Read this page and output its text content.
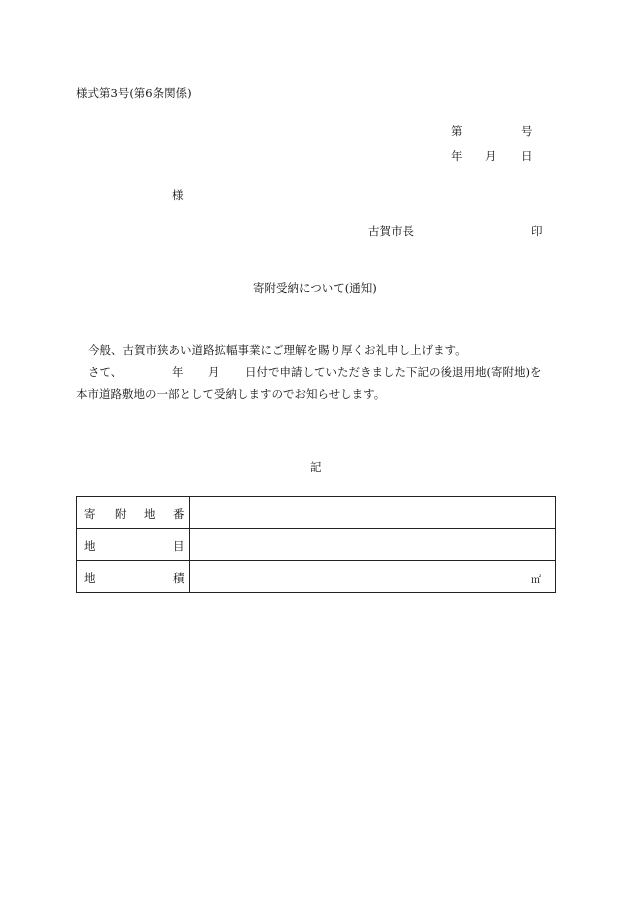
様式第3号(第6条関係)
第	号
年 月 日
様
古賀市長	印
寄附受納について(通知)
今般、古賀市狭あい道路拡幅事業にご理解を賜り厚くお礼申し上げます。
さて、	年 月 日付で申請していただきました下記の後退用地(寄附地)を
本市道路敷地の一部として受納しますのでお知らせします。
記
寄 附 地 番	

地 目	

地 積	㎡
